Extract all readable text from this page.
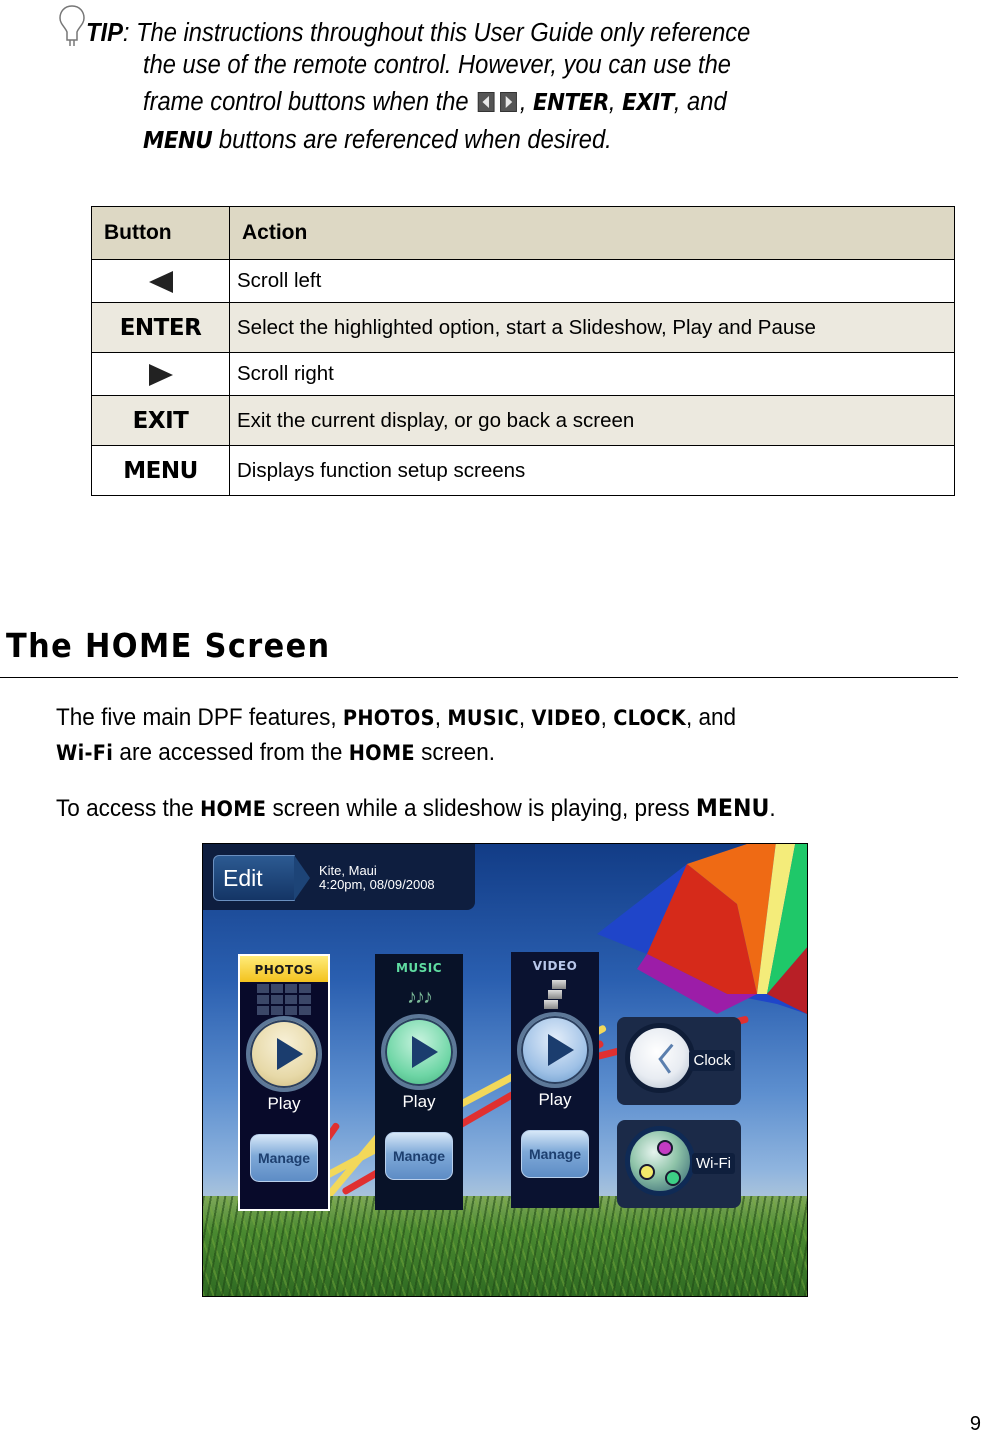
TIP: The instructions throughout this User Guide only reference
the use of the remote control. However, you can use the
frame control buttons when the , ENTER, EXIT, and
MENU buttons are referenced when desired.
Button	Action
	Scroll left
ENTER	Select the highlighted option, start a Slideshow, Play and Pause
	Scroll right
EXIT	Exit the current display, or go back a screen
MENU	Displays function setup screens
The HOME Screen
The five main DPF features, PHOTOS, MUSIC, VIDEO, CLOCK, and
Wi-Fi are accessed from the HOME screen.
To access the HOME screen while a slideshow is playing, press MENU.
Edit	Kite, Maui
4:20pm, 08/09/2008
PHOTOS
Play
Manage
MUSIC
♪♪♪
Play
Manage
VIDEO
Play
Manage
Clock
Wi-Fi
9
